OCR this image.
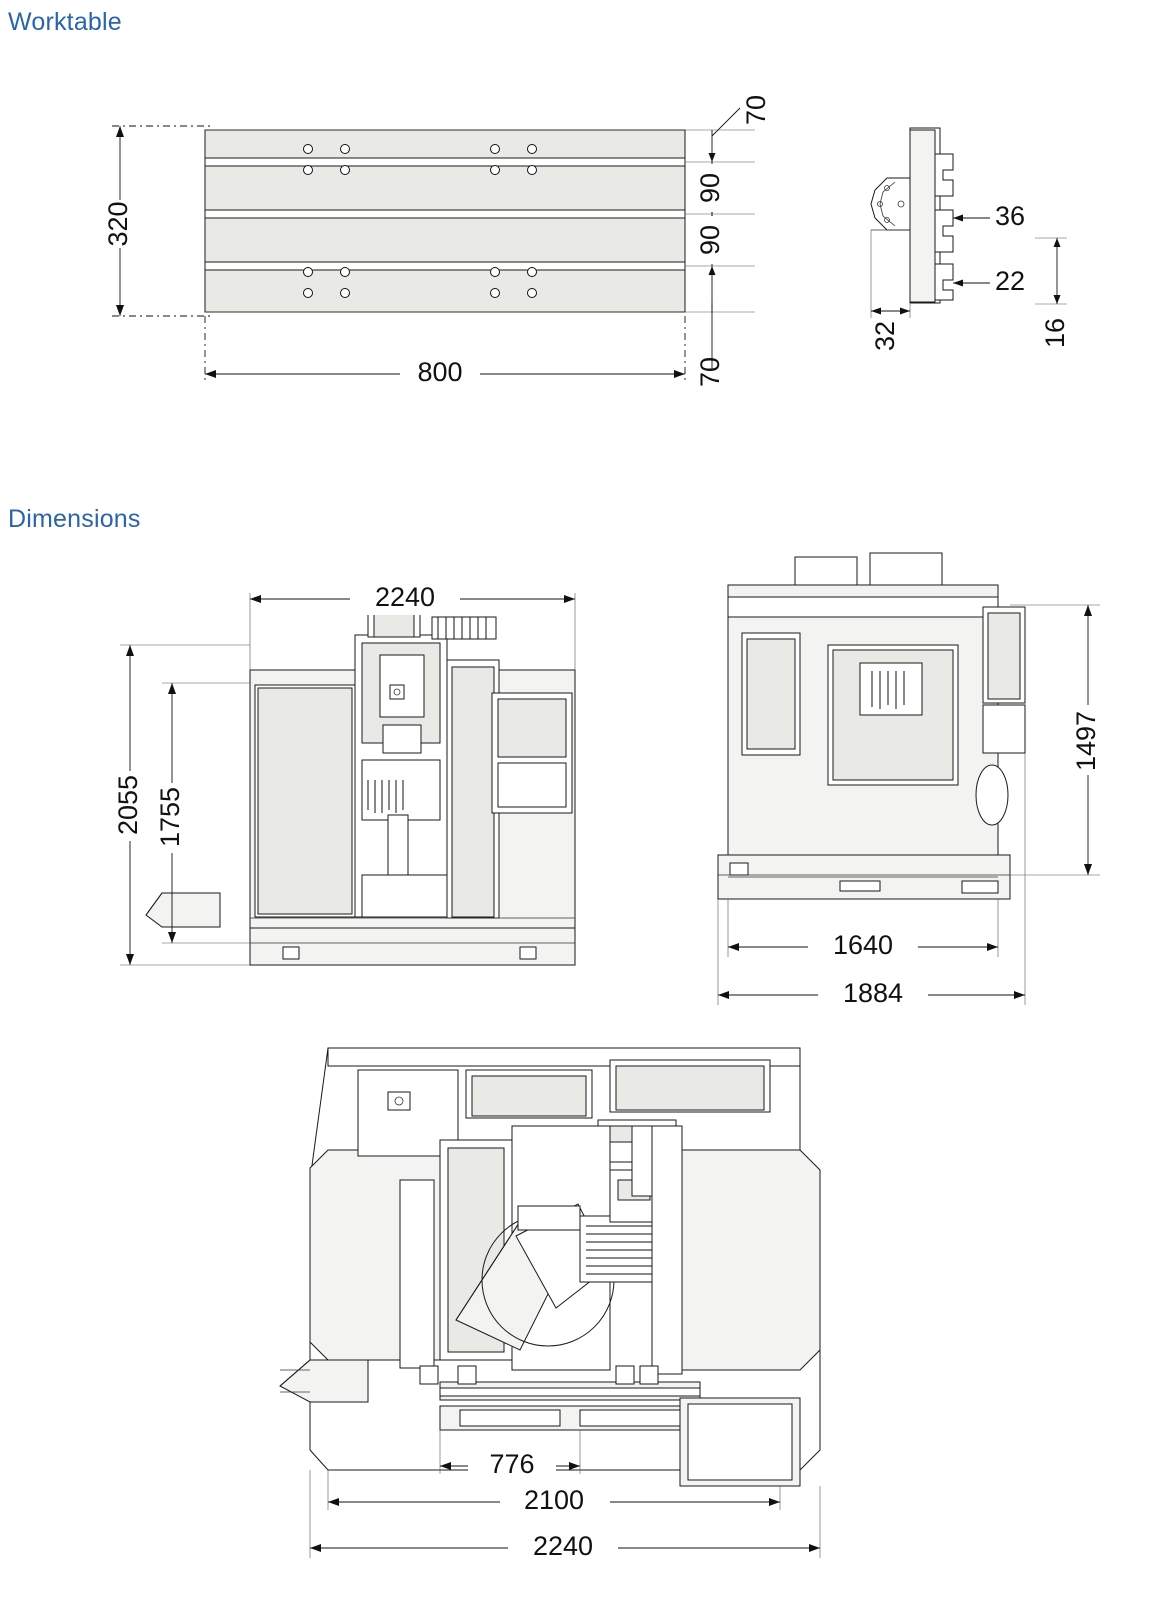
Worktable
Dimensions
320
800
70
90
90
70
36
22
32	16
2240
2055 1755
1497
1640
1884
776
2100
2240
